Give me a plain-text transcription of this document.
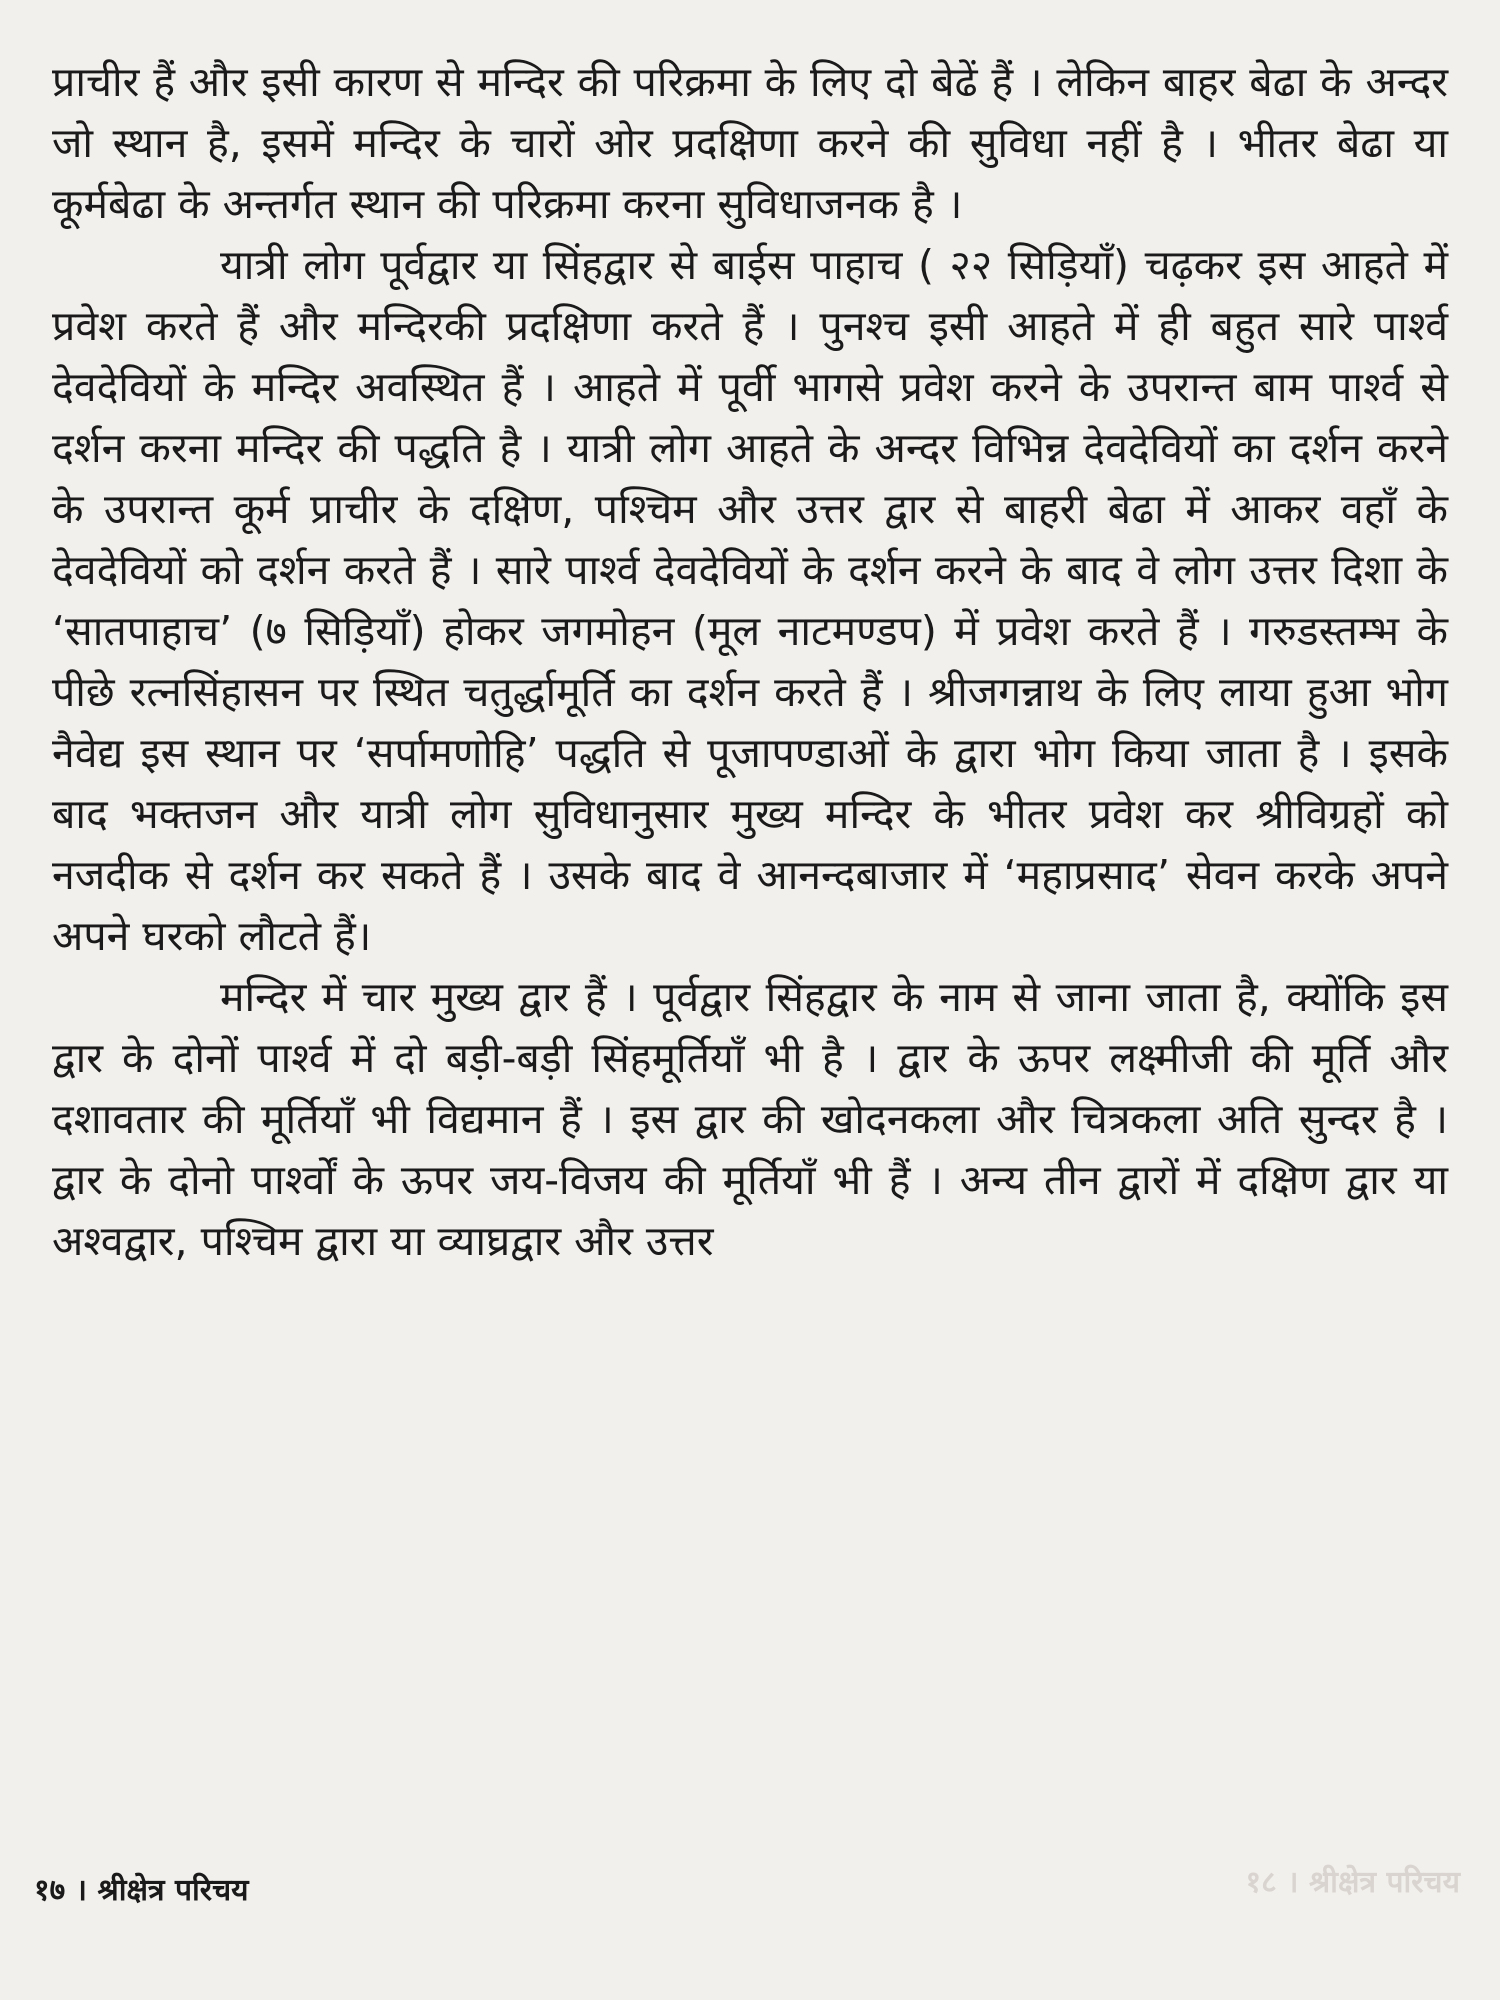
प्राचीर हैं और इसी कारण से मन्दिर की परिक्रमा के लिए दो बेढें हैं । लेकिन बाहर बेढा के अन्दर जो स्थान है, इसमें मन्दिर के चारों ओर प्रदक्षिणा करने की सुविधा नहीं है । भीतर बेढा या कूर्मबेढा के अन्तर्गत स्थान की परिक्रमा करना सुविधाजनक है ।

यात्री लोग पूर्वद्वार या सिंहद्वार से बाईस पाहाच ( २२ सिड़ियाँ) चढ़कर इस आहते में प्रवेश करते हैं और मन्दिरकी प्रदक्षिणा करते हैं । पुनश्च इसी आहते में ही बहुत सारे पार्श्व देवदेवियों के मन्दिर अवस्थित हैं । आहते में पूर्वी भागसे प्रवेश करने के उपरान्त बाम पार्श्व से दर्शन करना मन्दिर की पद्धति है । यात्री लोग आहते के अन्दर विभिन्न देवदेवियों का दर्शन करने के उपरान्त कूर्म प्राचीर के दक्षिण, पश्चिम और उत्तर द्वार से बाहरी बेढा में आकर वहाँ के देवदेवियों को दर्शन करते हैं । सारे पार्श्व देवदेवियों के दर्शन करने के बाद वे लोग उत्तर दिशा के ‘सातपाहाच’ (७ सिड़ियाँ) होकर जगमोहन (मूल नाटमण्डप) में प्रवेश करते हैं । गरुडस्तम्भ के पीछे रत्नसिंहासन पर स्थित चतुर्द्धामूर्ति का दर्शन करते हैं । श्रीजगन्नाथ के लिए लाया हुआ भोग नैवेद्य इस स्थान पर ‘सर्पामणोहि’ पद्धति से पूजापण्डाओं के द्वारा भोग किया जाता है । इसके बाद भक्तजन और यात्री लोग सुविधानुसार मुख्य मन्दिर के भीतर प्रवेश कर श्रीविग्रहों को नजदीक से दर्शन कर सकते हैं । उसके बाद वे आनन्दबाजार में ‘महाप्रसाद’ सेवन करके अपने अपने घरको लौटते हैं।

मन्दिर में चार मुख्य द्वार हैं । पूर्वद्वार सिंहद्वार के नाम से जाना जाता है, क्योंकि इस द्वार के दोनों पार्श्व में दो बड़ी-बड़ी सिंहमूर्तियाँ भी है । द्वार के ऊपर लक्ष्मीजी की मूर्ति और दशावतार की मूर्तियाँ भी विद्यमान हैं । इस द्वार की खोदनकला और चित्रकला अति सुन्दर है । द्वार के दोनो पार्श्वों के ऊपर जय-विजय की मूर्तियाँ भी हैं । अन्य तीन द्वारों में दक्षिण द्वार या अश्वद्वार, पश्चिम द्वारा या व्याघ्रद्वार और उत्तर

१७ । श्रीक्षेत्र परिचय	१८ । श्रीक्षेत्र परिचय
